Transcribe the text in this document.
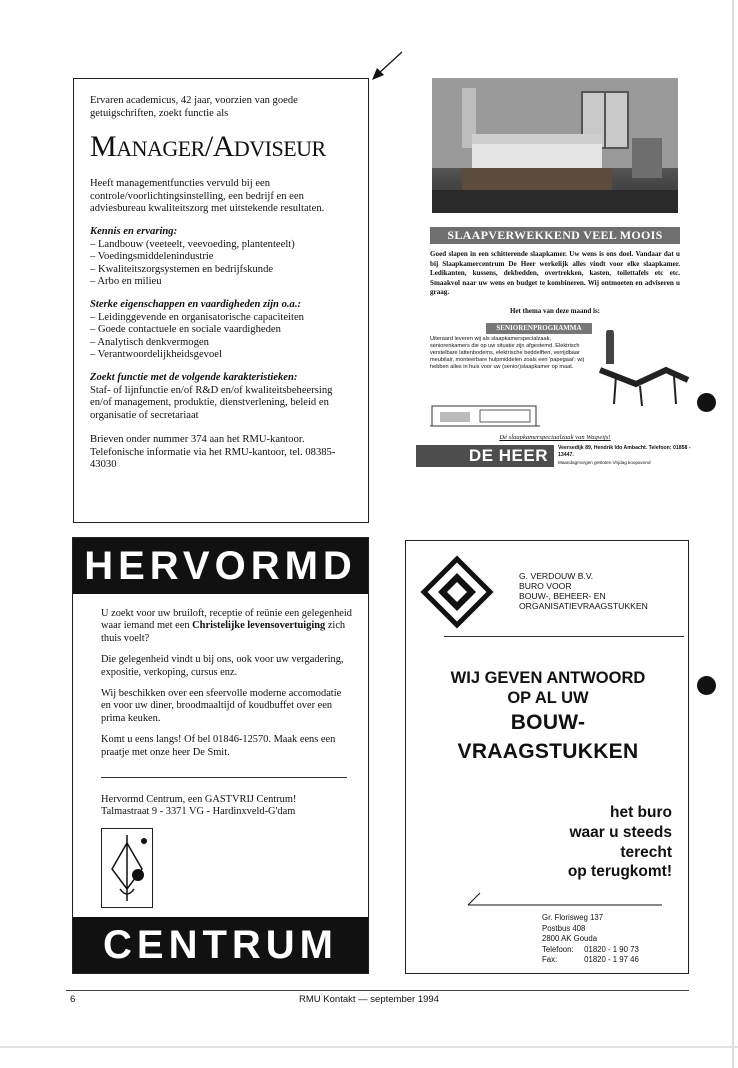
Ervaren academicus, 42 jaar, voorzien van goede getuigschriften, zoekt functie als

MANAGER/ADVISEUR

Heeft managementfuncties vervuld bij een controle/voorlichtingsinstelling, een bedrijf en een adviesbureau kwaliteitszorg met uitstekende resultaten.

Kennis en ervaring:
– Landbouw (veeteelt, veevoeding, plantenteelt)
– Voedingsmiddelenindustrie
– Kwaliteitszorgsystemen en bedrijfskunde
– Arbo en milieu
Sterke eigenschappen en vaardigheden zijn o.a.:
– Leidinggevende en organisatorische capaciteiten
– Goede contactuele en sociale vaardigheden
– Analytisch denkvermogen
– Verantwoordelijkheidsgevoel
Zoekt functie met de volgende karakteristieken:

Staf- of lijnfunctie en/of R&D en/of kwaliteitsbeheersing en/of management, produktie, dienstverlening, beleid en organisatie of secretariaat

Brieven onder nummer 374 aan het RMU-kantoor. Telefonische informatie via het RMU-kantoor, tel. 08385-43030

SLAAPVERWEKKEND VEEL MOOIS
Goed slapen in een schitterende slaapkamer. Uw wens is ons doel. Vandaar dat u bij Slaapkamercentrum De Heer werkelijk alles vindt voor elke slaapkamer. Ledikanten, kussens, dekbedden, overtrekken, kasten, toilettafels etc etc. Smaakvol naar uw wens en budget te kombineren. Wij ontmoeten en adviseren u graag.
Het thema van deze maand is:
SENIORENPROGRAMMA
Uiteraard leveren wij als slaapkamerspecialzaak, seniorenkamers die op uw situatie zijn afgestemd. Elektrisch verstelbare lattenbodems, elektrische beddelften, verrijdbaar meubilair, monteerbare hulpmiddelen zoals een 'papegaai': wij hebben alles in huis voor uw (senior)slaapkamer op maat.
Dé slaapkamerspeciaalzaak van Wagwijs!
DE HEER	Veersedijk 89, Hendrik Ido Ambacht. Telefoon: 01858 - 13447.
Maandagmorgen gesloten Vrijdag koopavond
HERVORMD

U zoekt voor uw bruiloft, receptie of reünie een gelegenheid waar iemand met een Christelijke levensovertuiging zich thuis voelt?

Die gelegenheid vindt u bij ons, ook voor uw vergadering, expositie, verkoping, cursus enz.

Wij beschikken over een sfeervolle moderne accomodatie en voor uw diner, broodmaaltijd of koudbuffet over een prima keuken.

Komt u eens langs! Of bel 01846-12570. Maak eens een praatje met onze heer De Smit.

Hervormd Centrum, een GASTVRIJ Centrum!
Talmastraat 9 - 3371 VG - Hardinxveld-G'dam
CENTRUM
G. VERDOUW B.V.
BURO VOOR
BOUW-, BEHEER- EN
ORGANISATIEVRAAGSTUKKEN
WIJ GEVEN ANTWOORD
OP AL UW
BOUW-
VRAAGSTUKKEN
het buro
waar u steeds
terecht
op terugkomt!
Gr. Florisweg 137
Postbus 408
2800 AK Gouda
Telefoon: 01820 - 1 90 73
Fax:	01820 - 1 97 46
6	RMU Kontakt — september 1994
